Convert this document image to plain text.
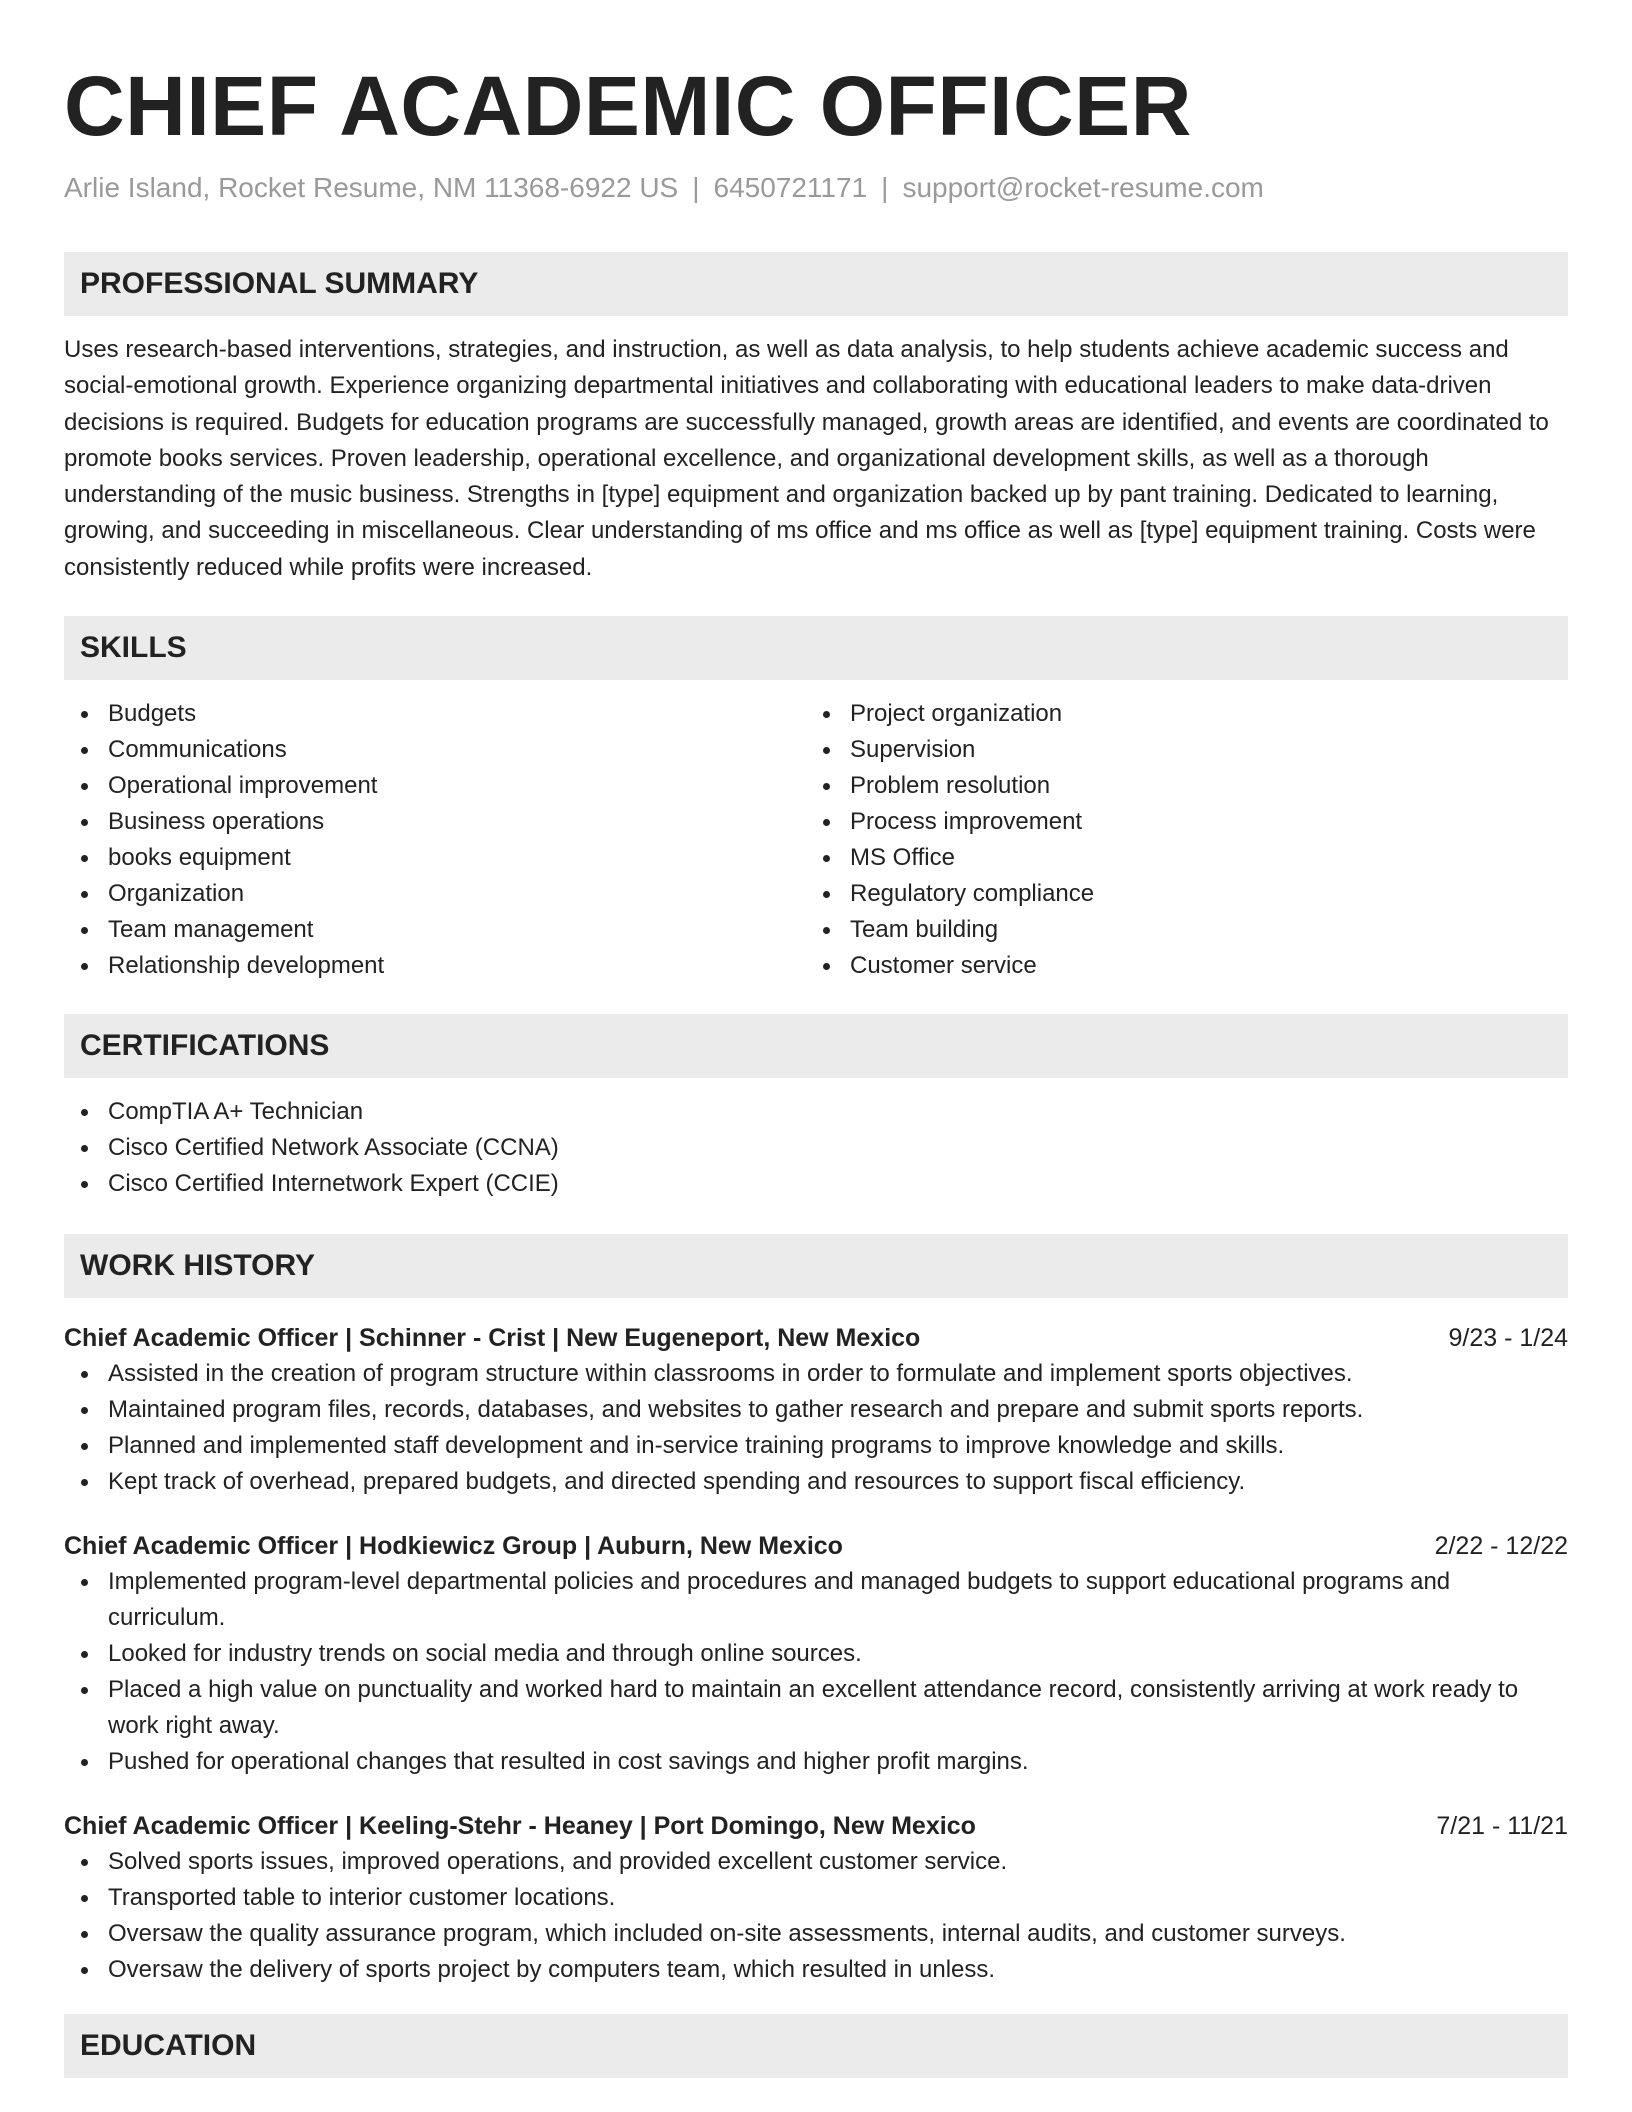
CHIEF ACADEMIC OFFICER
Arlie Island, Rocket Resume, NM 11368-6922 US | 6450721171 | support@rocket-resume.com
PROFESSIONAL SUMMARY

Uses research-based interventions, strategies, and instruction, as well as data analysis, to help students achieve academic success and social-emotional growth. Experience organizing departmental initiatives and collaborating with educational leaders to make data-driven decisions is required. Budgets for education programs are successfully managed, growth areas are identified, and events are coordinated to promote books services. Proven leadership, operational excellence, and organizational development skills, as well as a thorough understanding of the music business. Strengths in [type] equipment and organization backed up by pant training. Dedicated to learning, growing, and succeeding in miscellaneous. Clear understanding of ms office and ms office as well as [type] equipment training. Costs were consistently reduced while profits were increased.

SKILLS
Budgets
Communications
Operational improvement
Business operations
books equipment
Organization
Team management
Relationship development
Project organization
Supervision
Problem resolution
Process improvement
MS Office
Regulatory compliance
Team building
Customer service
CERTIFICATIONS
CompTIA A+ Technician
Cisco Certified Network Associate (CCNA)
Cisco Certified Internetwork Expert (CCIE)
WORK HISTORY
Chief Academic Officer | Schinner - Crist | New Eugeneport, New Mexico	9/23 - 1/24
Assisted in the creation of program structure within classrooms in order to formulate and implement sports objectives.
Maintained program files, records, databases, and websites to gather research and prepare and submit sports reports.
Planned and implemented staff development and in-service training programs to improve knowledge and skills.
Kept track of overhead, prepared budgets, and directed spending and resources to support fiscal efficiency.
Chief Academic Officer | Hodkiewicz Group | Auburn, New Mexico	2/22 - 12/22
Implemented program-level departmental policies and procedures and managed budgets to support educational programs and curriculum.
Looked for industry trends on social media and through online sources.
Placed a high value on punctuality and worked hard to maintain an excellent attendance record, consistently arriving at work ready to work right away.
Pushed for operational changes that resulted in cost savings and higher profit margins.
Chief Academic Officer | Keeling-Stehr - Heaney | Port Domingo, New Mexico	7/21 - 11/21
Solved sports issues, improved operations, and provided excellent customer service.
Transported table to interior customer locations.
Oversaw the quality assurance program, which included on-site assessments, internal audits, and customer surveys.
Oversaw the delivery of sports project by computers team, which resulted in unless.
EDUCATION
